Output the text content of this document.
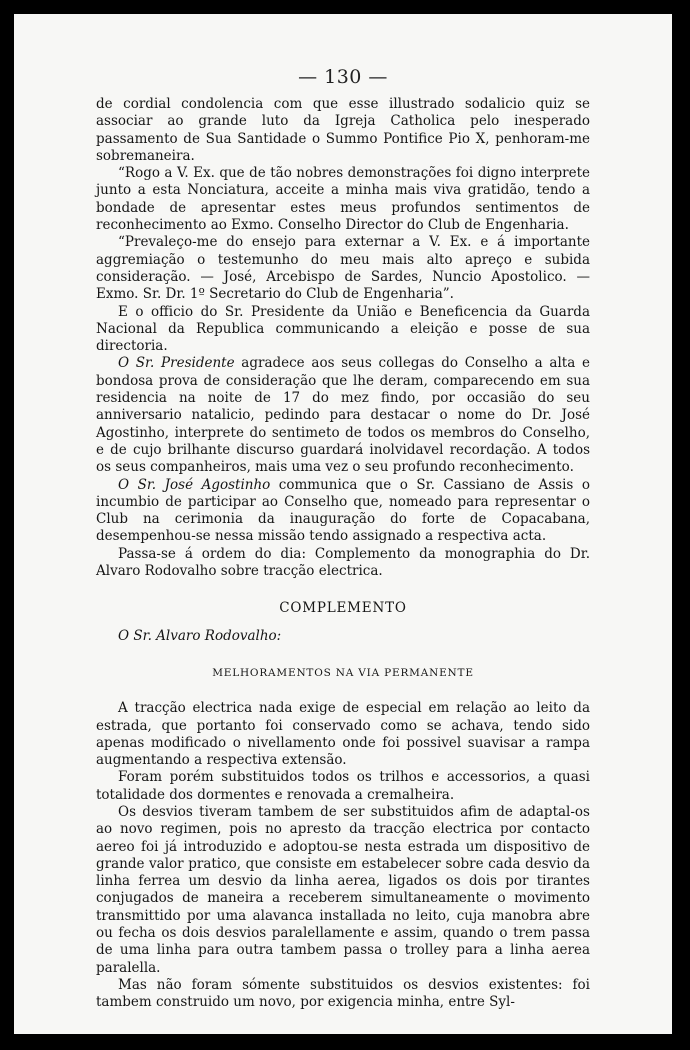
— 130 —

de cordial condolencia com que esse illustrado sodalicio quiz se associar ao grande luto da Igreja Catholica pelo inesperado passamento de Sua Santidade o Summo Pontifice Pio X, penhoram-me sobremaneira.

“Rogo a V. Ex. que de tão nobres demonstrações foi digno interprete junto a esta Nonciatura, acceite a minha mais viva gratidão, tendo a bondade de apresentar estes meus profundos sentimentos de reconhecimento ao Exmo. Conselho Director do Club de Engenharia.

“Prevaleço-me do ensejo para externar a V. Ex. e á importante aggremiação o testemunho do meu mais alto apreço e subida consideração. — José, Arcebispo de Sardes, Nuncio Apostolico. — Exmo. Sr. Dr. 1º Secretario do Club de Engenharia”.

E o officio do Sr. Presidente da União e Beneficencia da Guarda Nacional da Republica communicando a eleição e posse de sua directoria.

O Sr. Presidente agradece aos seus collegas do Conselho a alta e bondosa prova de consideração que lhe deram, comparecendo em sua residencia na noite de 17 do mez findo, por occasião do seu anniversario natalicio, pedindo para destacar o nome do Dr. José Agostinho, interprete do sentimeto de todos os membros do Conselho, e de cujo brilhante discurso guardará inolvidavel recordação. A todos os seus companheiros, mais uma vez o seu profundo reconhecimento.

O Sr. José Agostinho communica que o Sr. Cassiano de Assis o incumbio de participar ao Conselho que, nomeado para representar o Club na cerimonia da inauguração do forte de Copacabana, desempenhou-se nessa missão tendo assignado a respectiva acta.

Passa-se á ordem do dia: Complemento da monographia do Dr. Alvaro Rodovalho sobre tracção electrica.

COMPLEMENTO
O Sr. Alvaro Rodovalho:
MELHORAMENTOS NA VIA PERMANENTE

A tracção electrica nada exige de especial em relação ao leito da estrada, que portanto foi conservado como se achava, tendo sido apenas modificado o nivellamento onde foi possivel suavisar a rampa augmentando a respectiva extensão.

Foram porém substituidos todos os trilhos e accessorios, a quasi totalidade dos dormentes e renovada a cremalheira.

Os desvios tiveram tambem de ser substituidos afim de adaptal-os ao novo regimen, pois no apresto da tracção electrica por contacto aereo foi já introduzido e adoptou-se nesta estrada um dispositivo de grande valor pratico, que consiste em estabelecer sobre cada desvio da linha ferrea um desvio da linha aerea, ligados os dois por tirantes conjugados de maneira a receberem simultaneamente o movimento transmittido por uma alavanca installada no leito, cuja manobra abre ou fecha os dois desvios paralellamente e assim, quando o trem passa de uma linha para outra tambem passa o trolley para a linha aerea paralella.

Mas não foram sómente substituidos os desvios existentes: foi tambem construido um novo, por exigencia minha, entre Syl-
